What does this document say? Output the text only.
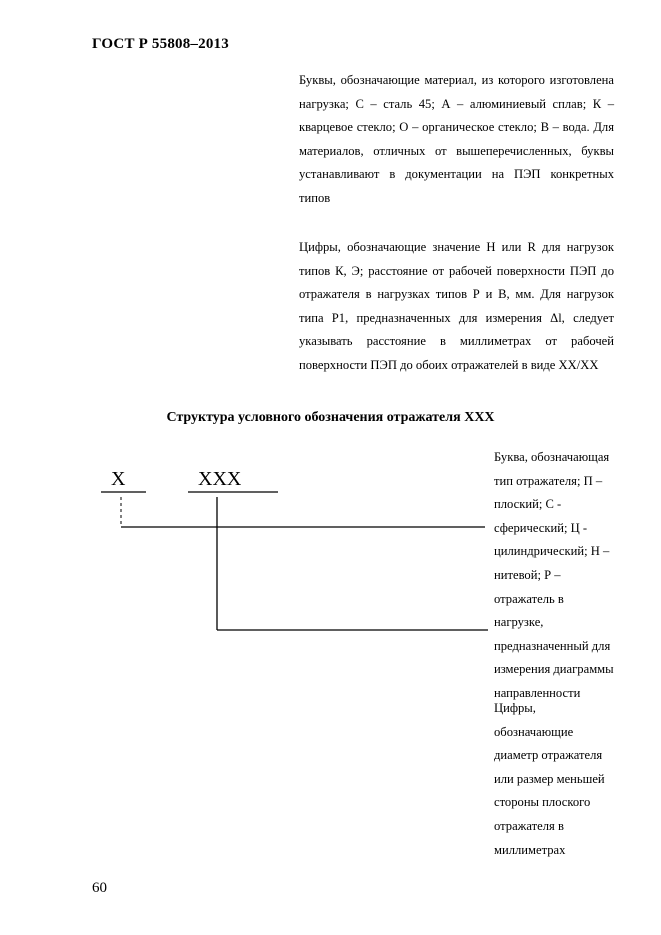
ГОСТ Р 55808–2013
Буквы, обозначающие материал, из которого изготовлена нагрузка; С – сталь 45; А – алюминиевый сплав; К – кварцевое стекло; О – органическое стекло; В – вода. Для материалов, отличных от вышеперечисленных, буквы устанавливают в документации на ПЭП конкретных типов
Цифры, обозначающие значение H или R для нагрузок типов К, Э; расстояние от рабочей поверхности ПЭП до отражателя в нагрузках типов Р и В, мм. Для нагрузок типа P1, предназначенных для измерения Δl, следует указывать расстояние в миллиметрах от рабочей поверхности ПЭП до обоих отражателей в виде XX/XX
Структура условного обозначения отражателя XXX
X	XXX
Буква, обозначающая тип отражателя; П – плоский; С - сферический; Ц - цилиндрический; Н – нитевой; Р – отражатель в нагрузке, предназначенный для измерения диаграммы направленности
Цифры, обозначающие диаметр отражателя или размер меньшей стороны плоского отражателя в миллиметрах
60
